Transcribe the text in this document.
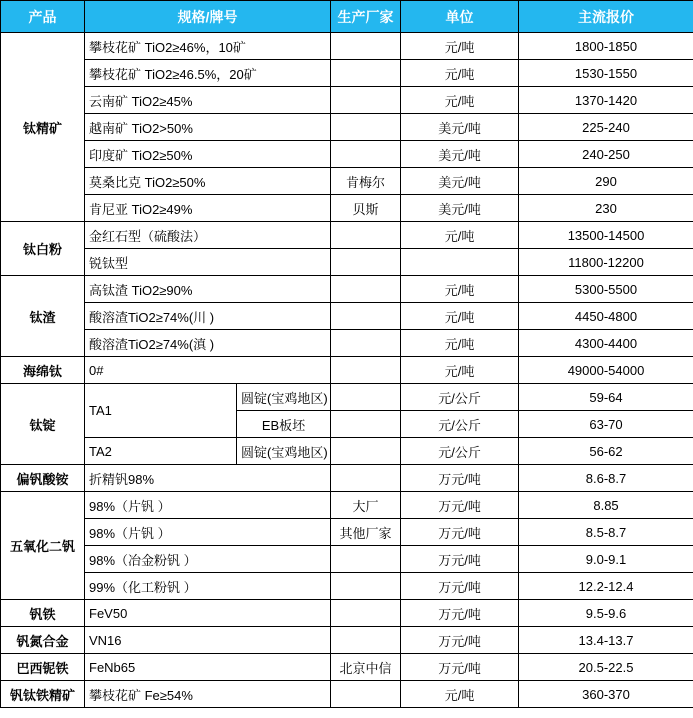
产品	规格/牌号		生产厂家	单位	主流报价	
钛精矿	攀枝花矿 TiO2≥46%，10矿			元/吨	1800-1850	
	攀枝花矿 TiO2≥46.5%，20矿			元/吨	1530-1550	
	云南矿 TiO2≥45%			元/吨	1370-1420	
	越南矿 TiO2>50%			美元/吨	225-240	
	印度矿 TiO2≥50%			美元/吨	240-250	
	莫桑比克 TiO2≥50%		肯梅尔	美元/吨	290	
	肯尼亚 TiO2≥49%		贝斯	美元/吨	230	
钛白粉	金红石型（硫酸法）			元/吨	13500-14500	
	锐钛型				11800-12200	
钛渣	高钛渣 TiO2≥90%			元/吨	5300-5500	
	酸溶渣TiO2≥74%(川 )			元/吨	4450-4800	
	酸溶渣TiO2≥74%(滇 )			元/吨	4300-4400	
海绵钛	0#			元/吨	49000-54000	
钛锭	TA1	圆锭(宝鸡地区)		元/公斤	59-64	
		EB板坯		元/公斤	63-70	
	TA2	圆锭(宝鸡地区)		元/公斤	56-62	
偏钒酸铵	折精钒98%			万元/吨	8.6-8.7	
五氧化二钒	98%（片钒 ）		大厂	万元/吨	8.85	
	98%（片钒 ）		其他厂家	万元/吨	8.5-8.7	
	98%（冶金粉钒 ）			万元/吨	9.0-9.1	
	99%（化工粉钒 ）			万元/吨	12.2-12.4	
钒铁	FeV50			万元/吨	9.5-9.6	
钒氮合金	VN16			万元/吨	13.4-13.7	
巴西铌铁	FeNb65		北京中信	万元/吨	20.5-22.5	
钒钛铁精矿	攀枝花矿 Fe≥54%			元/吨	360-370	
